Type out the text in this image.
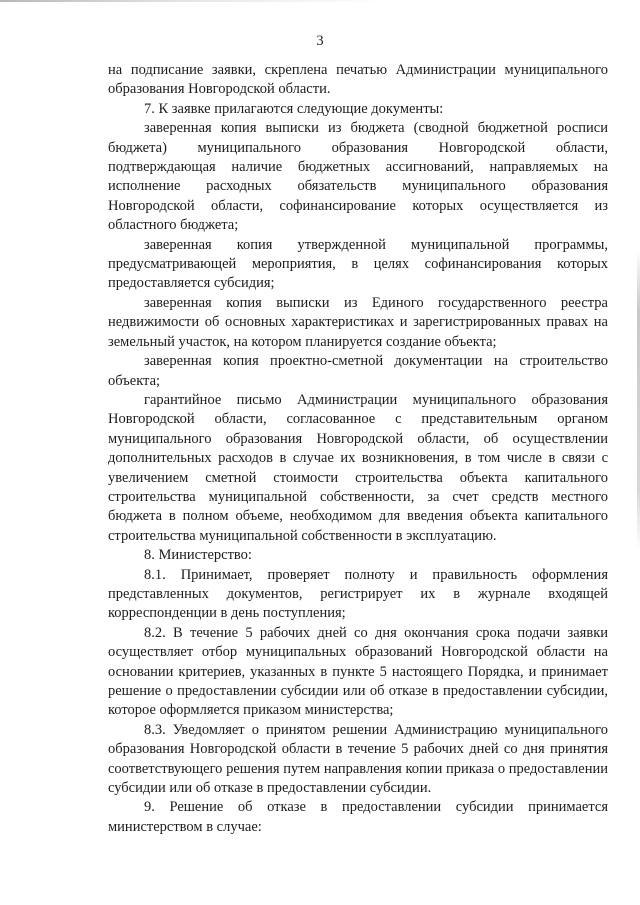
3

на подписание заявки, скреплена печатью Администрации муниципального образования Новгородской области.

7. К заявке прилагаются следующие документы:

заверенная копия выписки из бюджета (сводной бюджетной росписи бюджета) муниципального образования Новгородской области, подтверждающая наличие бюджетных ассигнований, направляемых на исполнение расходных обязательств муниципального образования Новгородской области, софинансирование которых осуществляется из областного бюджета;

заверенная копия утвержденной муниципальной программы, предусматривающей мероприятия, в целях софинансирования которых предоставляется субсидия;

заверенная копия выписки из Единого государственного реестра недвижимости об основных характеристиках и зарегистрированных правах на земельный участок, на котором планируется создание объекта;

заверенная копия проектно-сметной документации на строительство объекта;

гарантийное письмо Администрации муниципального образования Новгородской области, согласованное с представительным органом муниципального образования Новгородской области, об осуществлении дополнительных расходов в случае их возникновения, в том числе в связи с увеличением сметной стоимости строительства объекта капитального строительства муниципальной собственности, за счет средств местного бюджета в полном объеме, необходимом для введения объекта капитального строительства муниципальной собственности в эксплуатацию.

8. Министерство:

8.1. Принимает, проверяет полноту и правильность оформления представленных документов, регистрирует их в журнале входящей корреспонденции в день поступления;

8.2. В течение 5 рабочих дней со дня окончания срока подачи заявки осуществляет отбор муниципальных образований Новгородской области на основании критериев, указанных в пункте 5 настоящего Порядка, и принимает решение о предоставлении субсидии или об отказе в предоставлении субсидии, которое оформляется приказом министерства;

8.3. Уведомляет о принятом решении Администрацию муниципального образования Новгородской области в течение 5 рабочих дней со дня принятия соответствующего решения путем направления копии приказа о предоставлении субсидии или об отказе в предоставлении субсидии.

9. Решение об отказе в предоставлении субсидии принимается министерством в случае:
